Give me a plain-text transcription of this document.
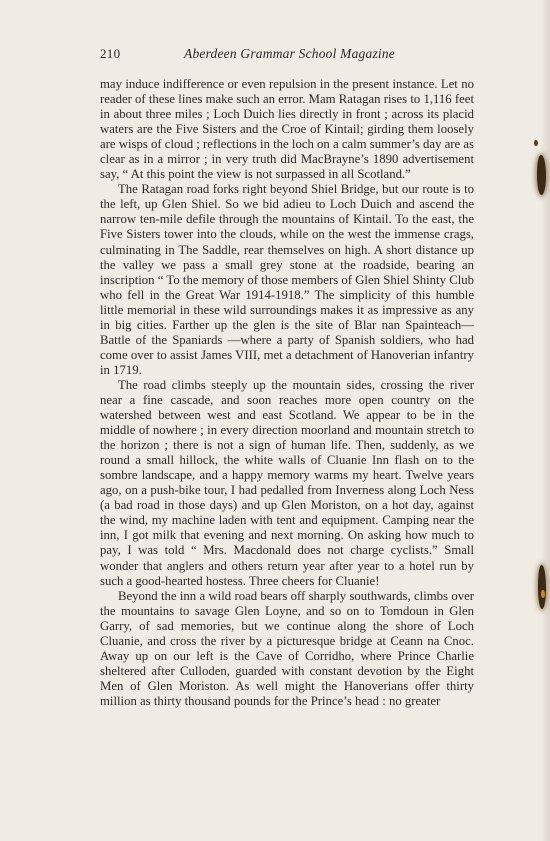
210	Aberdeen Grammar School Magazine

may induce indifference or even repulsion in the present instance. Let no reader of these lines make such an error. Mam Ratagan rises to 1,116 feet in about three miles ; Loch Duich lies directly in front ; across its placid waters are the Five Sisters and the Croe of Kintail; girding them loosely are wisps of cloud ; reflections in the loch on a calm summer’s day are as clear as in a mirror ; in very truth did MacBrayne’s 1890 advertisement say, “ At this point the view is not surpassed in all Scotland.”

The Ratagan road forks right beyond Shiel Bridge, but our route is to the left, up Glen Shiel. So we bid adieu to Loch Duich and ascend the narrow ten-mile defile through the mountains of Kintail. To the east, the Five Sisters tower into the clouds, while on the west the immense crags, culminating in The Saddle, rear themselves on high. A short distance up the valley we pass a small grey stone at the roadside, bearing an inscription “ To the memory of those members of Glen Shiel Shinty Club who fell in the Great War 1914-1918.” The simplicity of this humble little memorial in these wild surroundings makes it as impressive as any in big cities. Farther up the glen is the site of Blar nan Spainteach—Battle of the Spaniards —where a party of Spanish soldiers, who had come over to assist James VIII, met a detachment of Hanoverian infantry in 1719.

The road climbs steeply up the mountain sides, crossing the river near a fine cascade, and soon reaches more open country on the watershed between west and east Scotland. We appear to be in the middle of nowhere ; in every direction moorland and mountain stretch to the horizon ; there is not a sign of human life. Then, suddenly, as we round a small hillock, the white walls of Cluanie Inn flash on to the sombre landscape, and a happy memory warms my heart. Twelve years ago, on a push-bike tour, I had pedalled from Inverness along Loch Ness (a bad road in those days) and up Glen Moriston, on a hot day, against the wind, my machine laden with tent and equipment. Camping near the inn, I got milk that evening and next morning. On asking how much to pay, I was told “ Mrs. Macdonald does not charge cyclists.” Small wonder that anglers and others return year after year to a hotel run by such a good-hearted hostess. Three cheers for Cluanie!

Beyond the inn a wild road bears off sharply southwards, climbs over the mountains to savage Glen Loyne, and so on to Tomdoun in Glen Garry, of sad memories, but we continue along the shore of Loch Cluanie, and cross the river by a picturesque bridge at Ceann na Cnoc. Away up on our left is the Cave of Corridho, where Prince Charlie sheltered after Culloden, guarded with constant devotion by the Eight Men of Glen Moriston. As well might the Hanoverians offer thirty million as thirty thousand pounds for the Prince’s head : no greater
